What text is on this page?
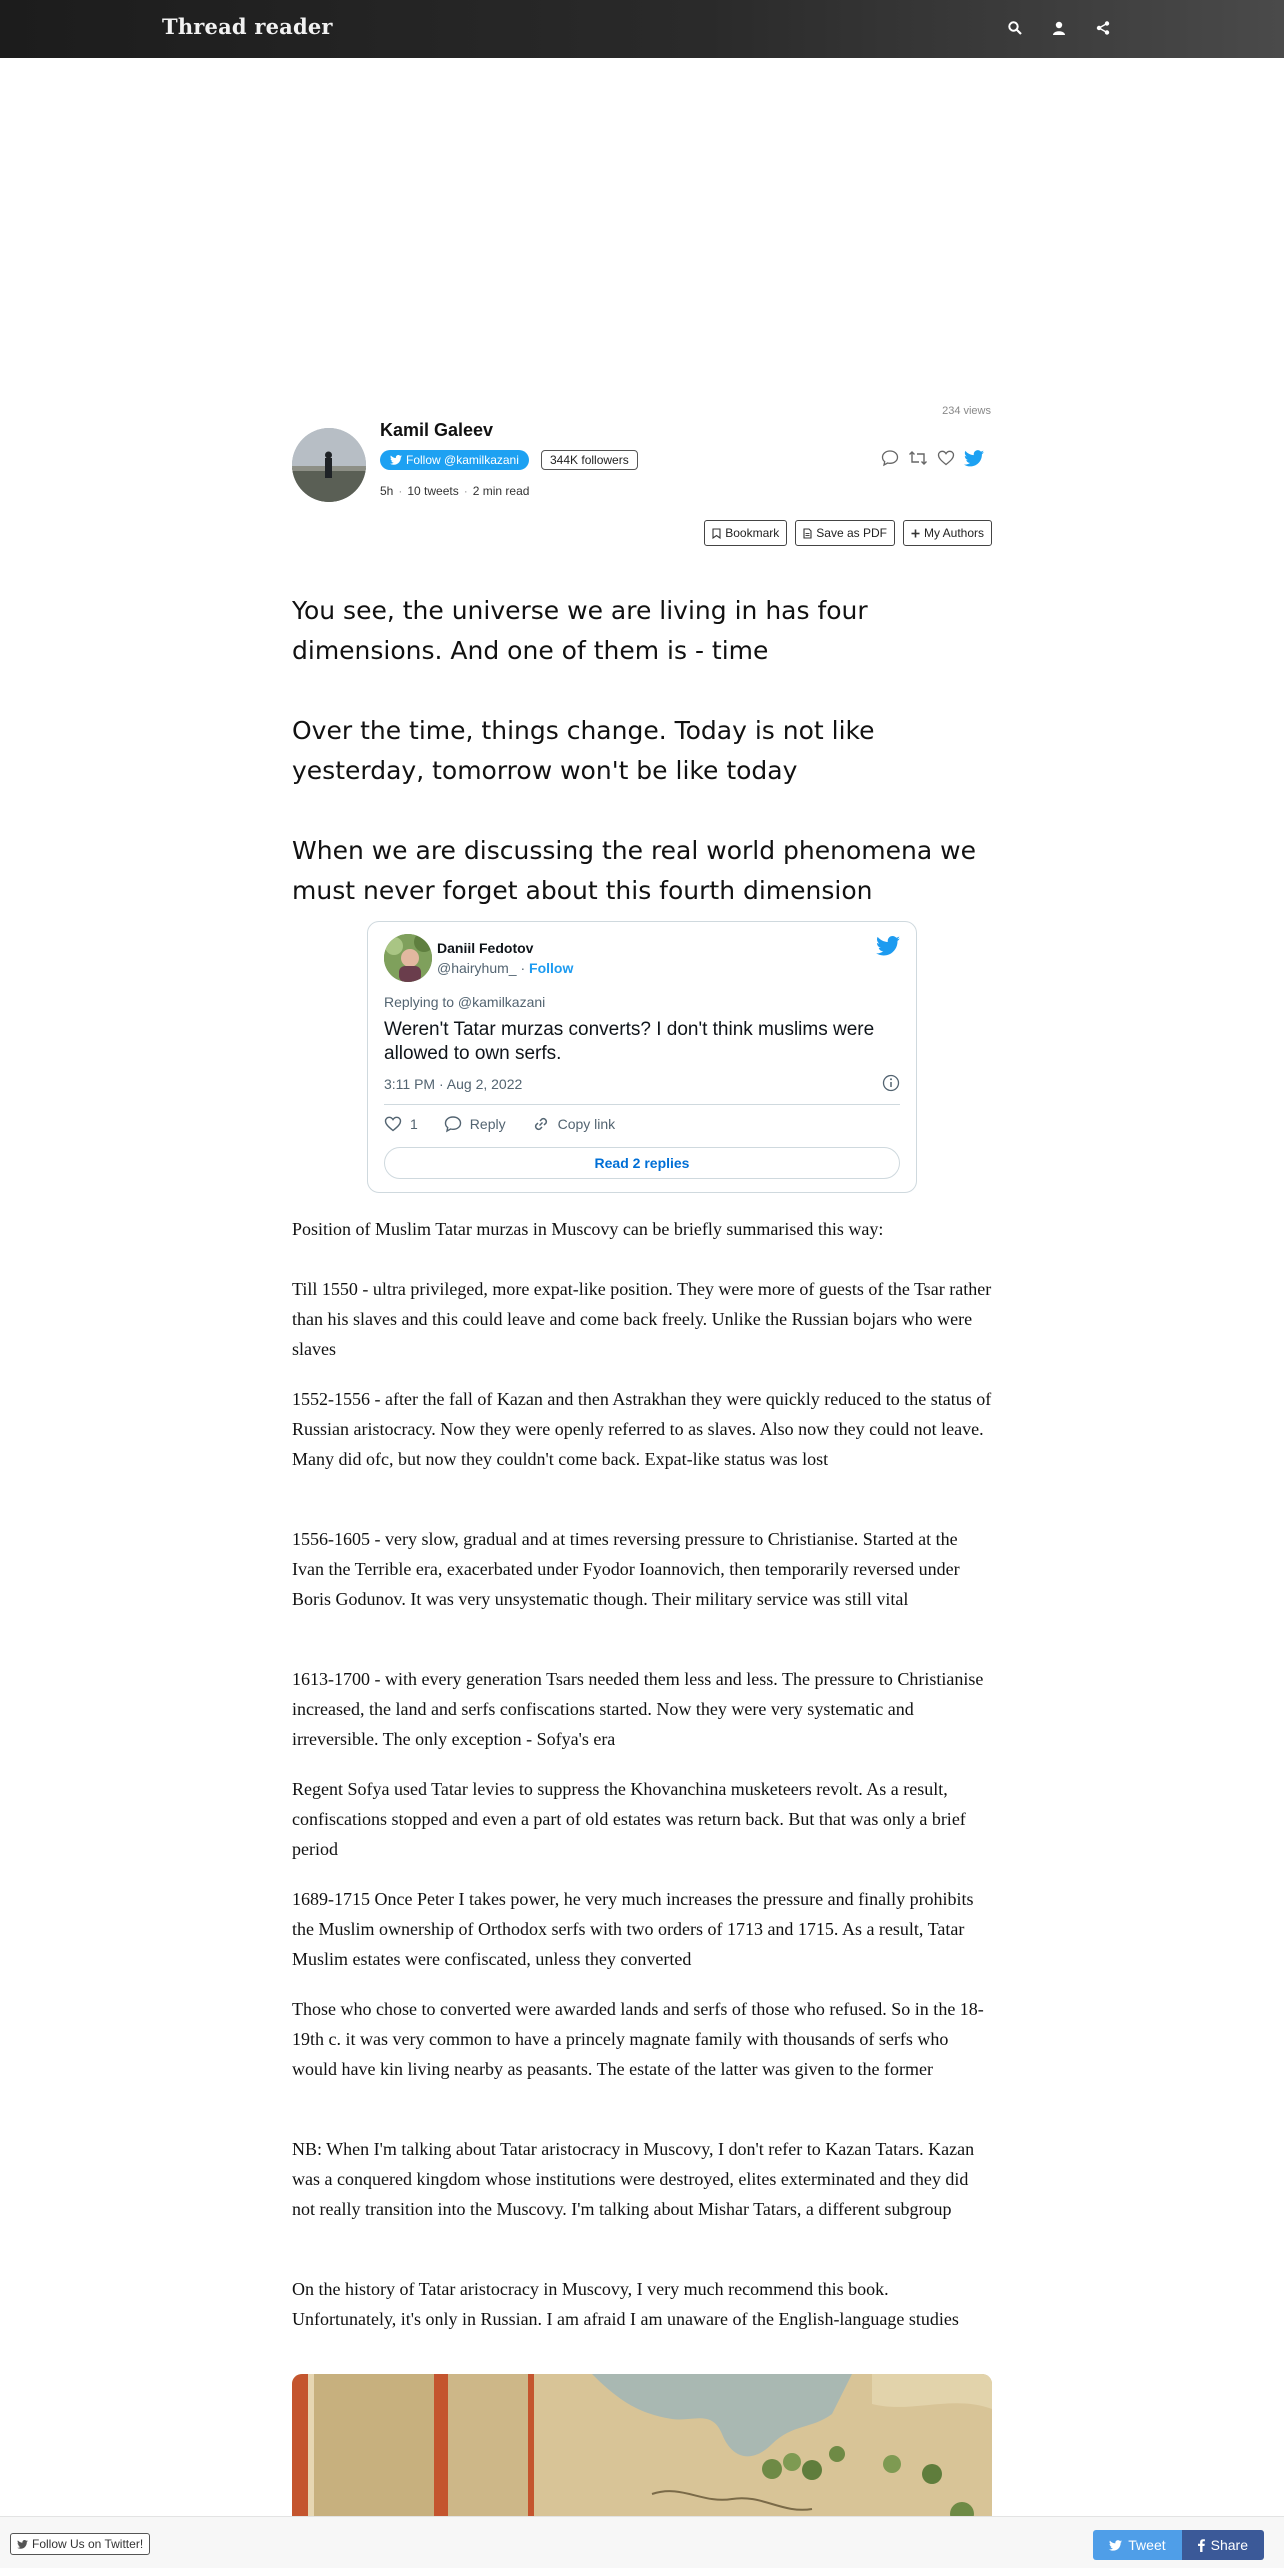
Thread reader
234 views
Kamil Galeev
Follow @kamilkazani	344K followers
5h · 10 tweets · 2 min read
Bookmark	Save as PDF	My Authors
You see, the universe we are living in has four dimensions. And one of them is - time
Over the time, things change. Today is not like yesterday, tomorrow won't be like today
When we are discussing the real world phenomena we must never forget about this fourth dimension
Daniil Fedotov
@hairyhum_ · Follow
Replying to @kamilkazani
Weren't Tatar murzas converts? I don't think muslims were allowed to own serfs.
3:11 PM · Aug 2, 2022
1	Reply	Copy link
Read 2 replies
Position of Muslim Tatar murzas in Muscovy can be briefly summarised this way:
Till 1550 - ultra privileged, more expat-like position. They were more of guests of the Tsar rather than his slaves and this could leave and come back freely. Unlike the Russian bojars who were slaves
1552-1556 - after the fall of Kazan and then Astrakhan they were quickly reduced to the status of Russian aristocracy. Now they were openly referred to as slaves. Also now they could not leave. Many did ofc, but now they couldn't come back. Expat-like status was lost
1556-1605 - very slow, gradual and at times reversing pressure to Christianise. Started at the Ivan the Terrible era, exacerbated under Fyodor Ioannovich, then temporarily reversed under Boris Godunov. It was very unsystematic though. Their military service was still vital
1613-1700 - with every generation Tsars needed them less and less. The pressure to Christianise increased, the land and serfs confiscations started. Now they were very systematic and irreversible. The only exception - Sofya's era
Regent Sofya used Tatar levies to suppress the Khovanchina musketeers revolt. As a result, confiscations stopped and even a part of old estates was return back. But that was only a brief period
1689-1715 Once Peter I takes power, he very much increases the pressure and finally prohibits the Muslim ownership of Orthodox serfs with two orders of 1713 and 1715. As a result, Tatar Muslim estates were confiscated, unless they converted
Those who chose to converted were awarded lands and serfs of those who refused. So in the 18-19th c. it was very common to have a princely magnate family with thousands of serfs who would have kin living nearby as peasants. The estate of the latter was given to the former
NB: When I'm talking about Tatar aristocracy in Muscovy, I don't refer to Kazan Tatars. Kazan was a conquered kingdom whose institutions were destroyed, elites exterminated and they did not really transition into the Muscovy. I'm talking about Mishar Tatars, a different subgroup
On the history of Tatar aristocracy in Muscovy, I very much recommend this book. Unfortunately, it's only in Russian. I am afraid I am unaware of the English-language studies
Follow Us on Twitter!	Tweet	Share
